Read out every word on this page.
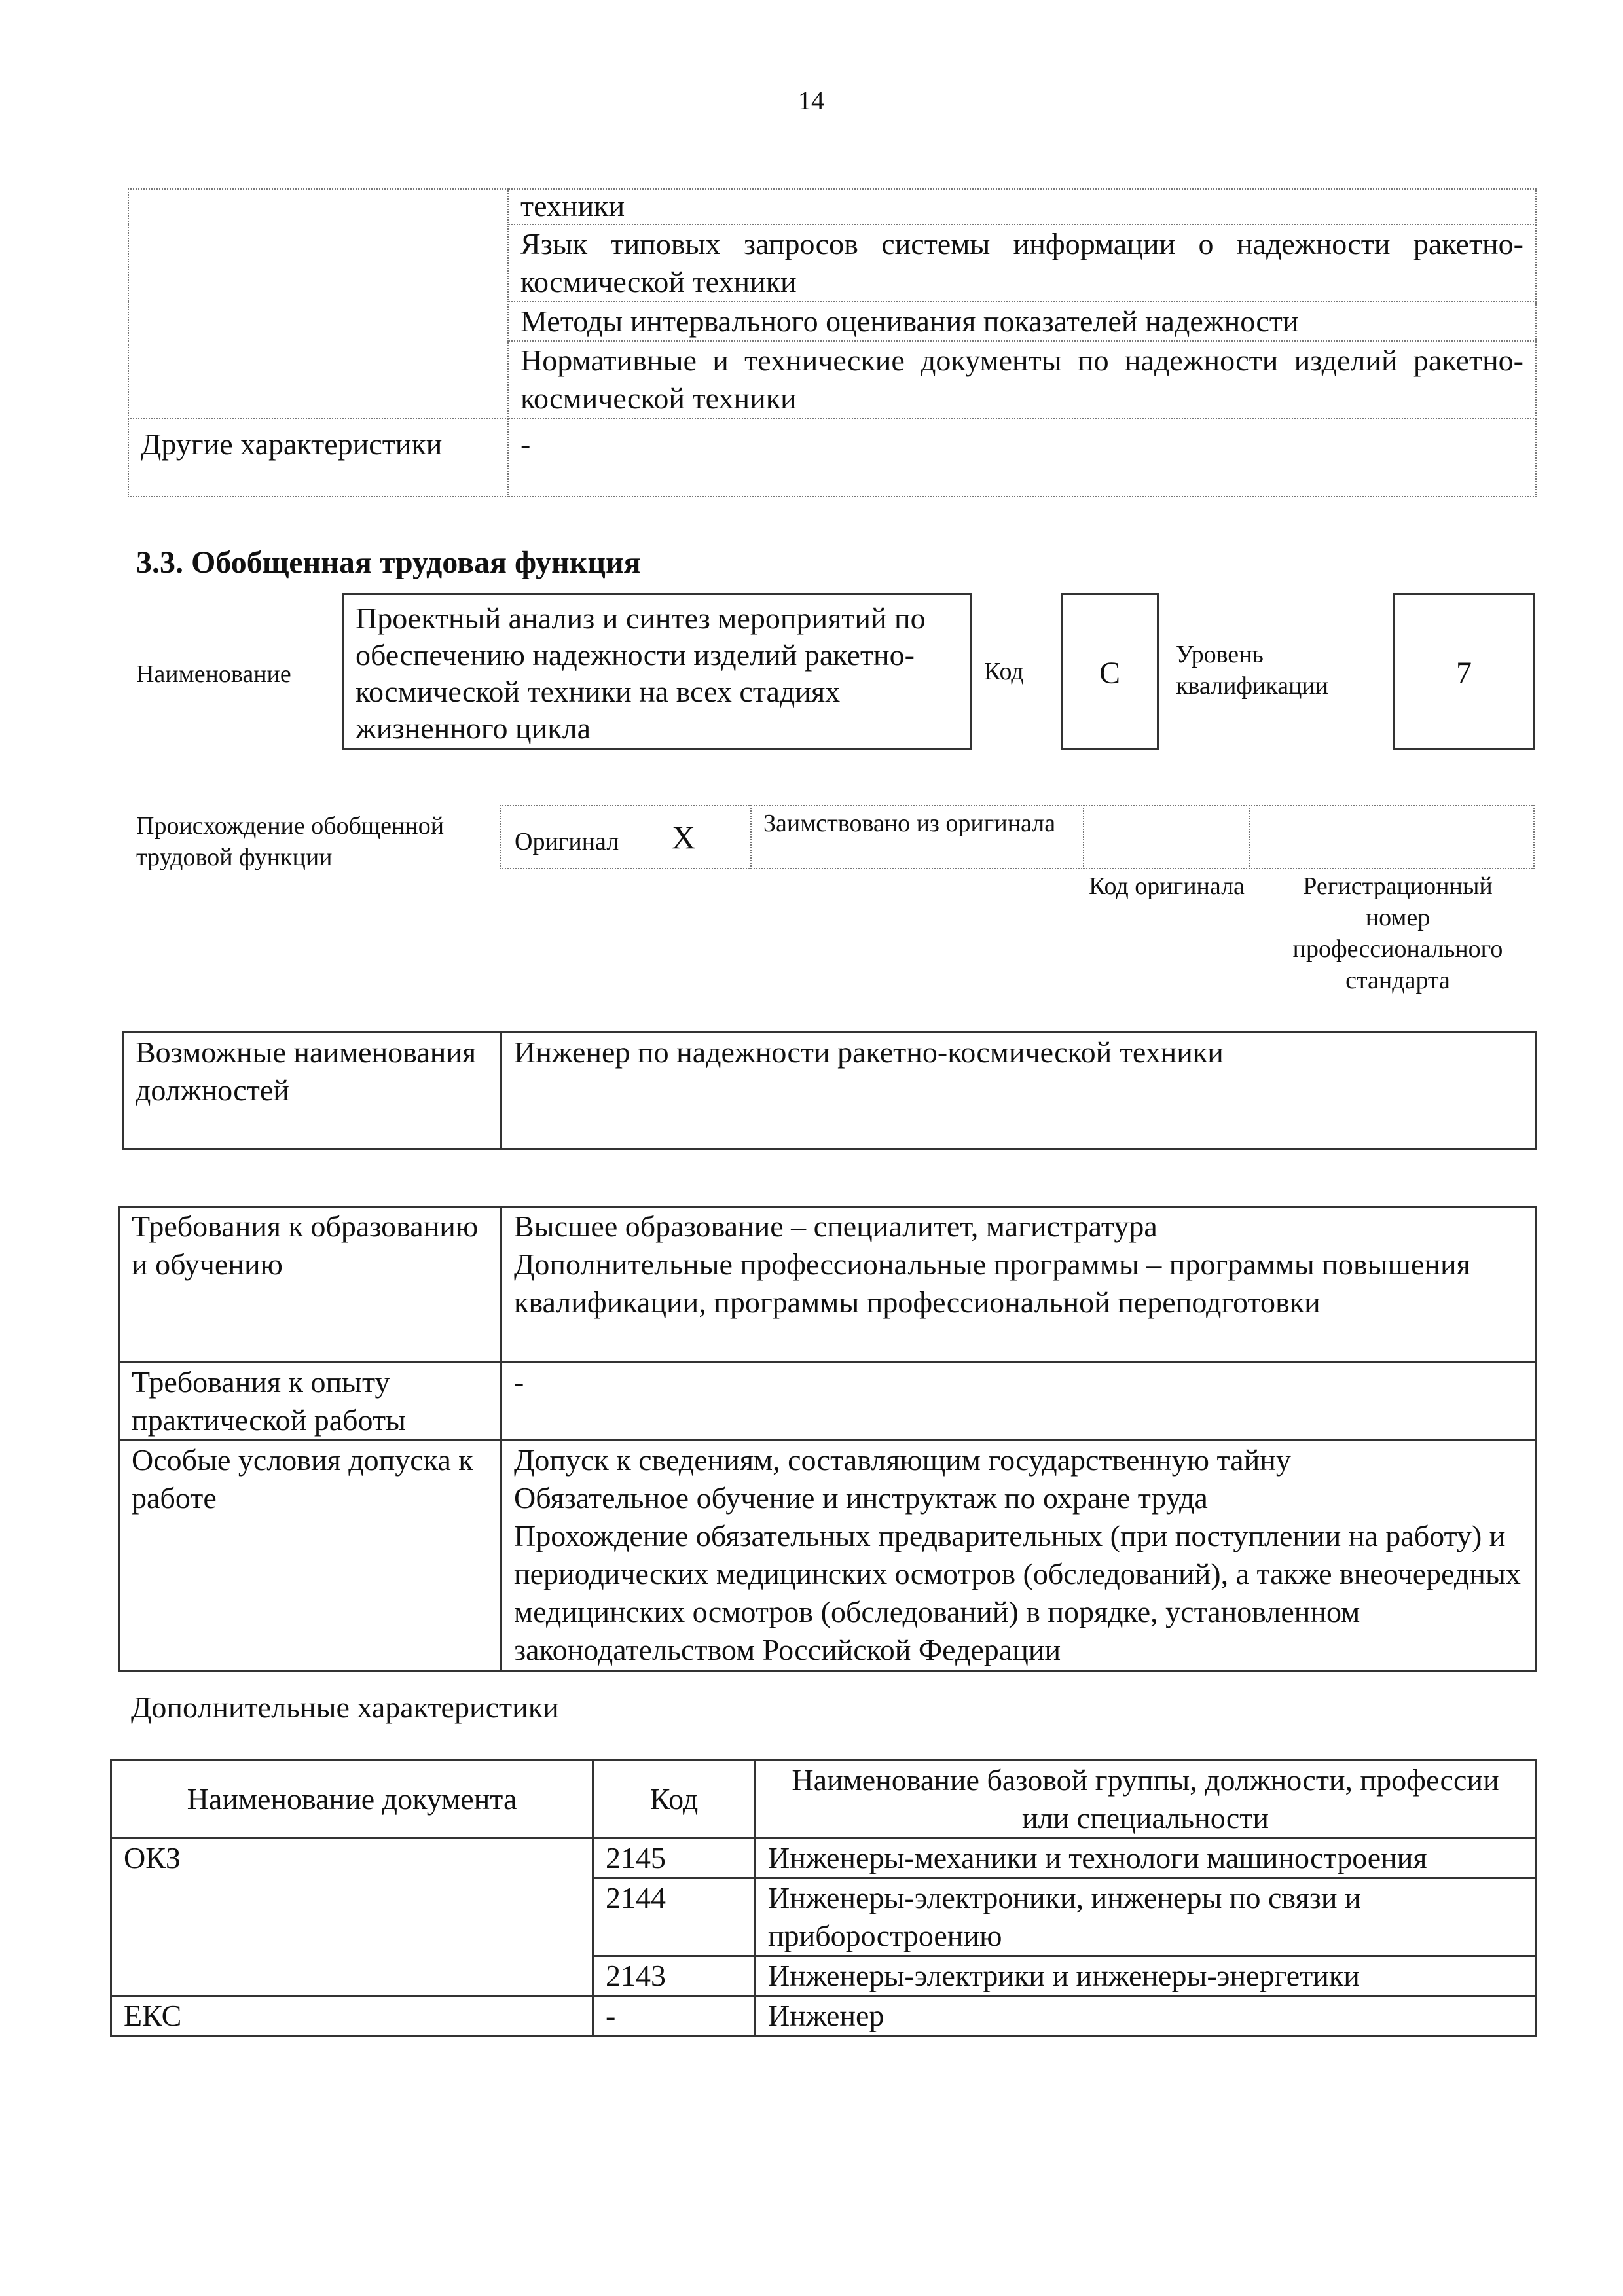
14
	техники
	Язык типовых запросов системы информации о надежности ракетно-космической техники
	Методы интервального оценивания показателей надежности
	Нормативные и технические документы по надежности изделий ракетно-космической техники
Другие характеристики	-
3.3. Обобщенная трудовая функция
Наименование
Проектный анализ и синтез мероприятий по обеспечению надежности изделий ракетно-космической техники на всех стадиях жизненного цикла
Код	С
Уровень квалификации	7
Происхождение обобщенной трудовой функции
Оригинал X	Заимствовано из оригинала
Код оригинала	Регистрационный номер профессионального стандарта
Возможные наименования должностей	Инженер по надежности ракетно-космической техники
Требования к образованию и обучению	Высшее образование – специалитет, магистратура
Дополнительные профессиональные программы – программы повышения квалификации, программы профессиональной переподготовки

Требования к опыту практической работы	-
Особые условия допуска к работе	Допуск к сведениям, составляющим государственную тайну
Обязательное обучение и инструктаж по охране труда
Прохождение обязательных предварительных (при поступлении на работу) и периодических медицинских осмотров (обследований), а также внеочередных медицинских осмотров (обследований) в порядке, установленном законодательством Российской Федерации
Дополнительные характеристики
Наименование документа	Код	Наименование базовой группы, должности, профессии или специальности
ОКЗ	2145	Инженеры-механики и технологи машиностроения
	2144	Инженеры-электроники, инженеры по связи и приборостроению
	2143	Инженеры-электрики и инженеры-энергетики
ЕКС	-	Инженер
